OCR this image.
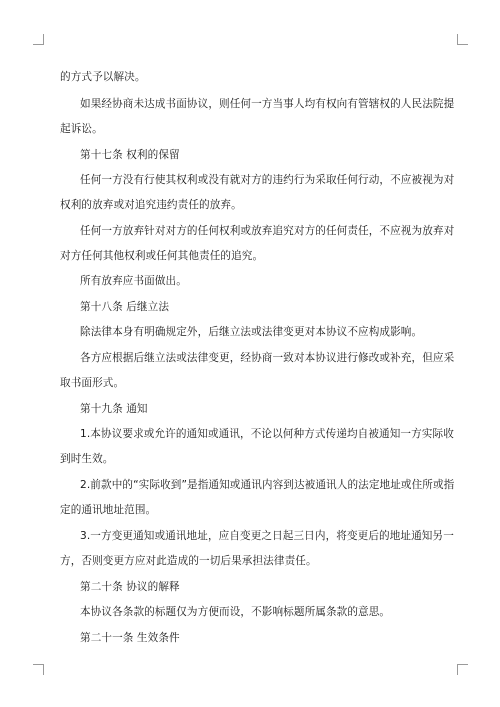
的方式予以解决。
如果经协商未达成书面协议，则任何一方当事人均有权向有管辖权的人民法院提
起诉讼。
第十七条 权利的保留
任何一方没有行使其权利或没有就对方的违约行为采取任何行动，不应被视为对
权利的放弃或对追究违约责任的放弃。
任何一方放弃针对对方的任何权利或放弃追究对方的任何责任，不应视为放弃对
对方任何其他权利或任何其他责任的追究。
所有放弃应书面做出。
第十八条 后继立法
除法律本身有明确规定外，后继立法或法律变更对本协议不应构成影响。
各方应根据后继立法或法律变更，经协商一致对本协议进行修改或补充，但应采
取书面形式。
第十九条 通知
1.本协议要求或允许的通知或通讯，不论以何种方式传递均自被通知一方实际收
到时生效。
2.前款中的“实际收到”是指通知或通讯内容到达被通讯人的法定地址或住所或指
定的通讯地址范围。
3.一方变更通知或通讯地址，应自变更之日起三日内，将变更后的地址通知另一
方，否则变更方应对此造成的一切后果承担法律责任。
第二十条 协议的解释
本协议各条款的标题仅为方便而设，不影响标题所属条款的意思。
第二十一条 生效条件
